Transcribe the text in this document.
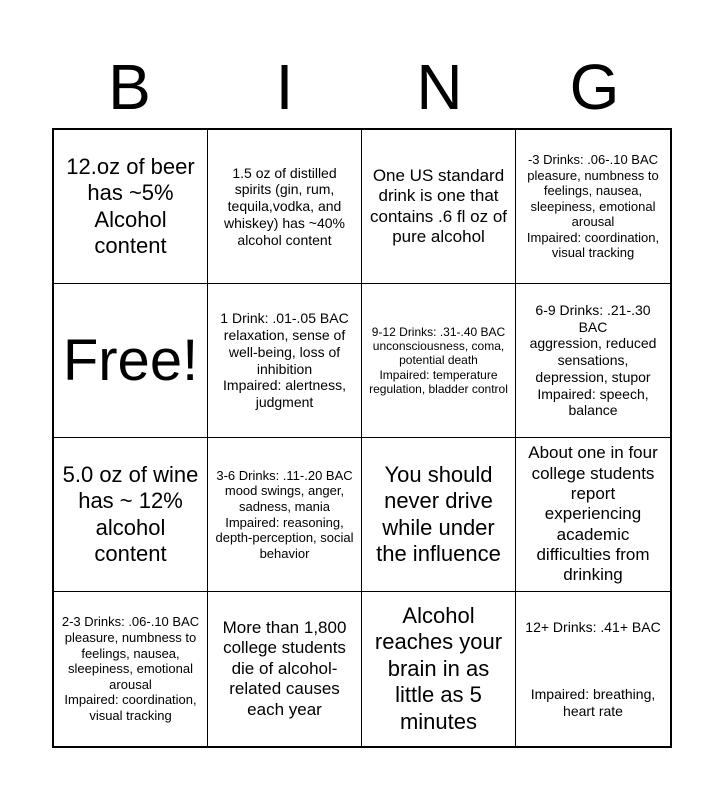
B	I	N	G
12.oz of beer has ~5% Alcohol content
1.5 oz of distilled spirits (gin, rum, tequila,vodka, and whiskey) has ~40% alcohol content
One US standard drink is one that contains .6 fl oz of pure alcohol
-3 Drinks: .06-.10 BAC
pleasure, numbness to feelings, nausea, sleepiness, emotional arousal
Impaired: coordination, visual tracking
Free!
1 Drink: .01-.05 BAC
relaxation, sense of well-being, loss of inhibition
Impaired: alertness, judgment
9-12 Drinks: .31-.40 BAC
unconsciousness, coma, potential death
Impaired: temperature regulation, bladder control
6-9 Drinks: .21-.30 BAC
aggression, reduced sensations, depression, stupor
Impaired: speech, balance
5.0 oz of wine has ~ 12% alcohol content
3-6 Drinks: .11-.20 BAC
mood swings, anger, sadness, mania
Impaired: reasoning, depth-perception, social behavior
You should never drive while under the influence
About one in four college students report experiencing academic difficulties from drinking
2-3 Drinks: .06-.10 BAC
pleasure, numbness to feelings, nausea, sleepiness, emotional arousal
Impaired: coordination, visual tracking
More than 1,800 college students die of alcohol-related causes each year
Alcohol reaches your brain in as little as 5 minutes
12+ Drinks: .41+ BAC

Impaired: breathing, heart rate
